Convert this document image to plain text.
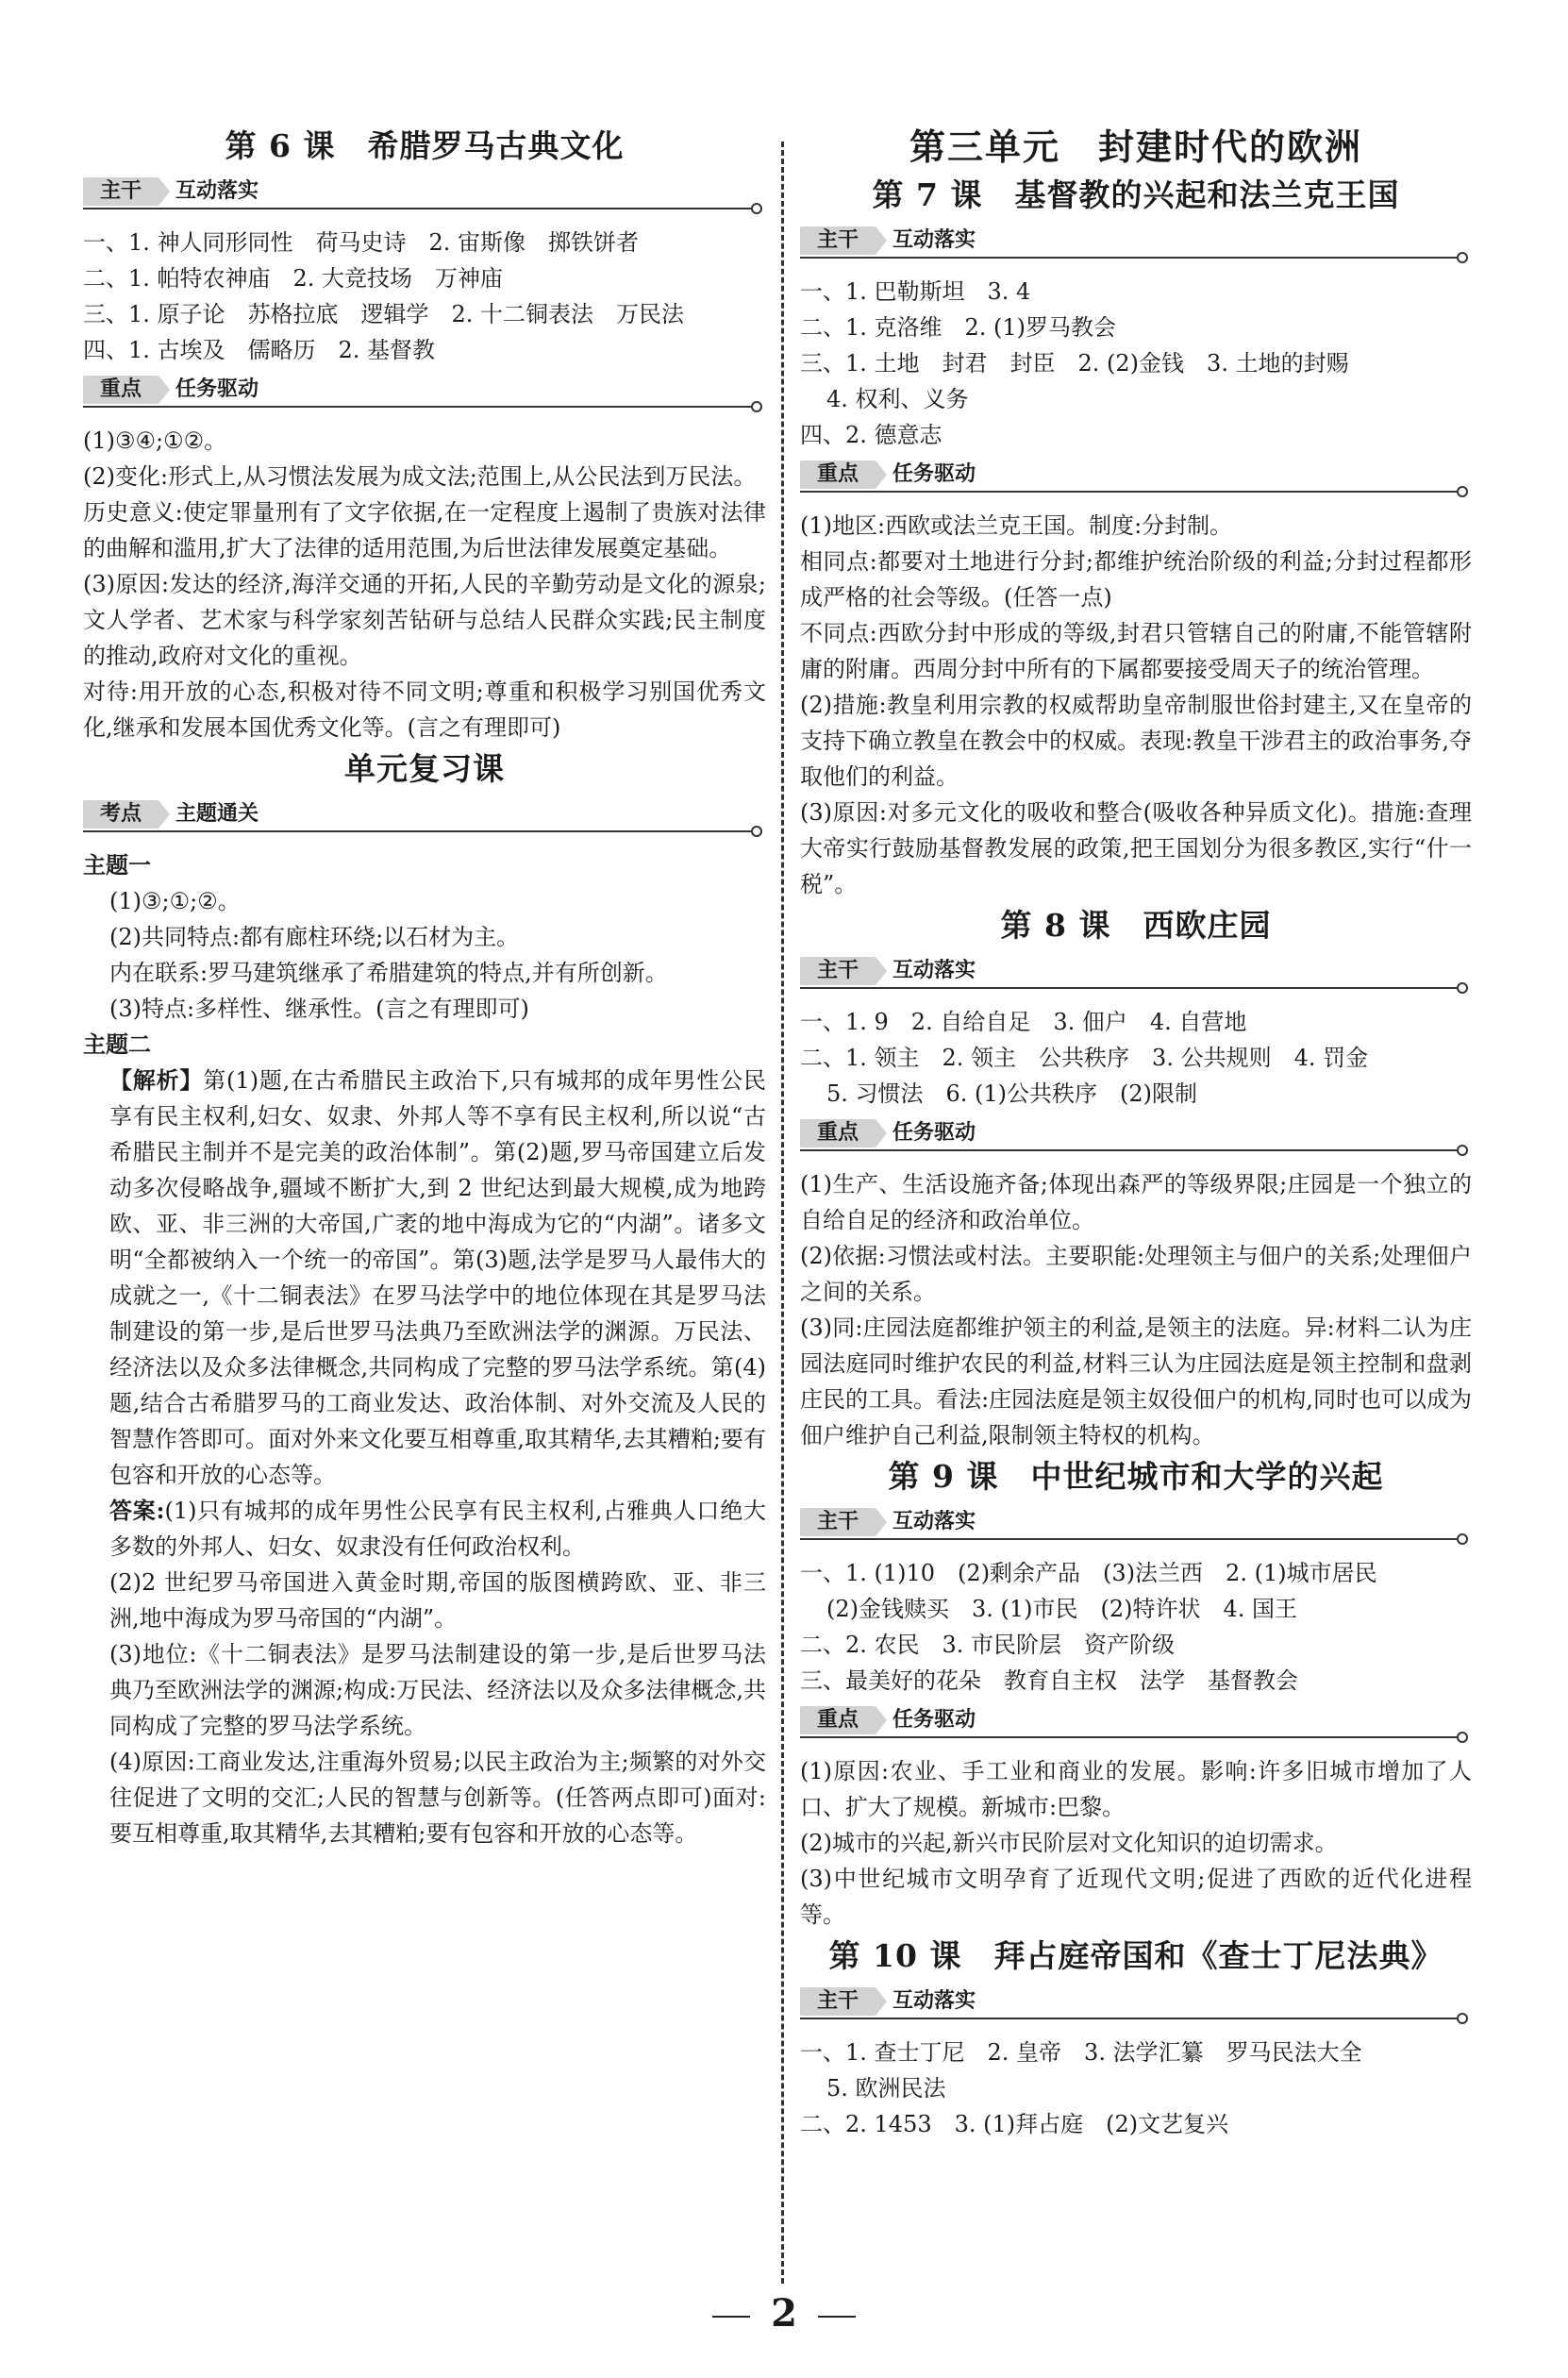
第 6 课　希腊罗马古典文化
主干	互动落实

一、1. 神人同形同性　荷马史诗　2. 宙斯像　掷铁饼者

二、1. 帕特农神庙　2. 大竞技场　万神庙

三、1. 原子论　苏格拉底　逻辑学　2. 十二铜表法　万民法

四、1. 古埃及　儒略历　2. 基督教

重点	任务驱动

(1)③④;①②。

(2)变化:形式上,从习惯法发展为成文法;范围上,从公民法到万民法。

历史意义:使定罪量刑有了文字依据,在一定程度上遏制了贵族对法律的曲解和滥用,扩大了法律的适用范围,为后世法律发展奠定基础。

(3)原因:发达的经济,海洋交通的开拓,人民的辛勤劳动是文化的源泉;文人学者、艺术家与科学家刻苦钻研与总结人民群众实践;民主制度的推动,政府对文化的重视。

对待:用开放的心态,积极对待不同文明;尊重和积极学习别国优秀文化,继承和发展本国优秀文化等。(言之有理即可)

单元复习课
考点	主题通关

主题一

(1)③;①;②。

(2)共同特点:都有廊柱环绕;以石材为主。

内在联系:罗马建筑继承了希腊建筑的特点,并有所创新。

(3)特点:多样性、继承性。(言之有理即可)

主题二

【解析】第(1)题,在古希腊民主政治下,只有城邦的成年男性公民享有民主权利,妇女、奴隶、外邦人等不享有民主权利,所以说“古希腊民主制并不是完美的政治体制”。第(2)题,罗马帝国建立后发动多次侵略战争,疆域不断扩大,到 2 世纪达到最大规模,成为地跨欧、亚、非三洲的大帝国,广袤的地中海成为它的“内湖”。诸多文明“全都被纳入一个统一的帝国”。第(3)题,法学是罗马人最伟大的成就之一,《十二铜表法》在罗马法学中的地位体现在其是罗马法制建设的第一步,是后世罗马法典乃至欧洲法学的渊源。万民法、经济法以及众多法律概念,共同构成了完整的罗马法学系统。第(4)题,结合古希腊罗马的工商业发达、政治体制、对外交流及人民的智慧作答即可。面对外来文化要互相尊重,取其精华,去其糟粕;要有包容和开放的心态等。

答案:(1)只有城邦的成年男性公民享有民主权利,占雅典人口绝大多数的外邦人、妇女、奴隶没有任何政治权利。

(2)2 世纪罗马帝国进入黄金时期,帝国的版图横跨欧、亚、非三洲,地中海成为罗马帝国的“内湖”。

(3)地位:《十二铜表法》是罗马法制建设的第一步,是后世罗马法典乃至欧洲法学的渊源;构成:万民法、经济法以及众多法律概念,共同构成了完整的罗马法学系统。

(4)原因:工商业发达,注重海外贸易;以民主政治为主;频繁的对外交往促进了文明的交汇;人民的智慧与创新等。(任答两点即可)面对:要互相尊重,取其精华,去其糟粕;要有包容和开放的心态等。

第三单元　封建时代的欧洲
第 7 课　基督教的兴起和法兰克王国
主干	互动落实

一、1. 巴勒斯坦　3. 4

二、1. 克洛维　2. (1)罗马教会

三、1. 土地　封君　封臣　2. (2)金钱　3. 土地的封赐

4. 权利、义务

四、2. 德意志

重点	任务驱动

(1)地区:西欧或法兰克王国。制度:分封制。

相同点:都要对土地进行分封;都维护统治阶级的利益;分封过程都形成严格的社会等级。(任答一点)

不同点:西欧分封中形成的等级,封君只管辖自己的附庸,不能管辖附庸的附庸。西周分封中所有的下属都要接受周天子的统治管理。

(2)措施:教皇利用宗教的权威帮助皇帝制服世俗封建主,又在皇帝的支持下确立教皇在教会中的权威。表现:教皇干涉君主的政治事务,夺取他们的利益。

(3)原因:对多元文化的吸收和整合(吸收各种异质文化)。措施:查理大帝实行鼓励基督教发展的政策,把王国划分为很多教区,实行“什一税”。

第 8 课　西欧庄园
主干	互动落实

一、1. 9　2. 自给自足　3. 佃户　4. 自营地

二、1. 领主　2. 领主　公共秩序　3. 公共规则　4. 罚金

5. 习惯法　6. (1)公共秩序　(2)限制

重点	任务驱动

(1)生产、生活设施齐备;体现出森严的等级界限;庄园是一个独立的自给自足的经济和政治单位。

(2)依据:习惯法或村法。主要职能:处理领主与佃户的关系;处理佃户之间的关系。

(3)同:庄园法庭都维护领主的利益,是领主的法庭。异:材料二认为庄园法庭同时维护农民的利益,材料三认为庄园法庭是领主控制和盘剥庄民的工具。看法:庄园法庭是领主奴役佃户的机构,同时也可以成为佃户维护自己利益,限制领主特权的机构。

第 9 课　中世纪城市和大学的兴起
主干	互动落实

一、1. (1)10　(2)剩余产品　(3)法兰西　2. (1)城市居民

(2)金钱赎买　3. (1)市民　(2)特许状　4. 国王

二、2. 农民　3. 市民阶层　资产阶级

三、最美好的花朵　教育自主权　法学　基督教会

重点	任务驱动

(1)原因:农业、手工业和商业的发展。影响:许多旧城市增加了人口、扩大了规模。新城市:巴黎。

(2)城市的兴起,新兴市民阶层对文化知识的迫切需求。

(3)中世纪城市文明孕育了近现代文明;促进了西欧的近代化进程等。

第 10 课　拜占庭帝国和《查士丁尼法典》
主干	互动落实

一、1. 查士丁尼　2. 皇帝　3. 法学汇纂　罗马民法大全

5. 欧洲民法

二、2. 1453　3. (1)拜占庭　(2)文艺复兴

2
